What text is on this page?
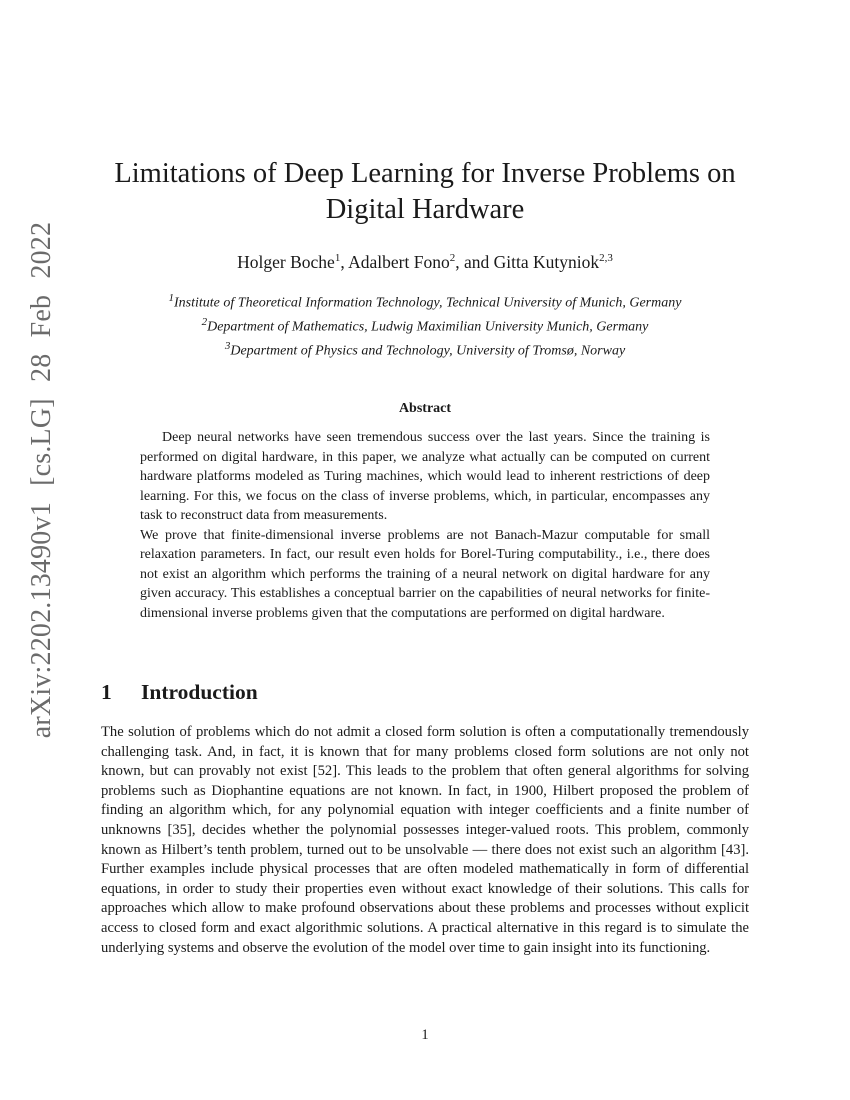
arXiv:2202.13490v1 [cs.LG] 28 Feb 2022
Limitations of Deep Learning for Inverse Problems on Digital Hardware
Holger Boche$^1$, Adalbert Fono$^2$, and Gitta Kutyniok$^{2,3}$
$^1$Institute of Theoretical Information Technology, Technical University of Munich, Germany
$^2$Department of Mathematics, Ludwig Maximilian University Munich, Germany
$^3$Department of Physics and Technology, University of Tromsø, Norway
Abstract

Deep neural networks have seen tremendous success over the last years. Since the training is performed on digital hardware, in this paper, we analyze what actually can be computed on current hardware platforms modeled as Turing machines, which would lead to inherent restrictions of deep learning. For this, we focus on the class of inverse problems, which, in particular, encompasses any task to reconstruct data from measurements.

We prove that finite-dimensional inverse problems are not Banach-Mazur computable for small relaxation parameters. In fact, our result even holds for Borel-Turing computability., i.e., there does not exist an algorithm which performs the training of a neural network on digital hardware for any given accuracy. This establishes a conceptual barrier on the capabilities of neural networks for finite-dimensional inverse problems given that the computations are performed on digital hardware.

1 Introduction

The solution of problems which do not admit a closed form solution is often a computationally tremendously challenging task. And, in fact, it is known that for many problems closed form solutions are not only not known, but can provably not exist [52]. This leads to the problem that often general algorithms for solving problems such as Diophantine equations are not known. In fact, in 1900, Hilbert proposed the problem of finding an algorithm which, for any polynomial equation with integer coefficients and a finite number of unknowns [35], decides whether the polynomial possesses integer-valued roots. This problem, commonly known as Hilbert’s tenth problem, turned out to be unsolvable — there does not exist such an algorithm [43]. Further examples include physical processes that are often modeled mathematically in form of differential equations, in order to study their properties even without exact knowledge of their solutions. This calls for approaches which allow to make profound observations about these problems and processes without explicit access to closed form and exact algorithmic solutions. A practical alternative in this regard is to simulate the underlying systems and observe the evolution of the model over time to gain insight into its functioning.

1
